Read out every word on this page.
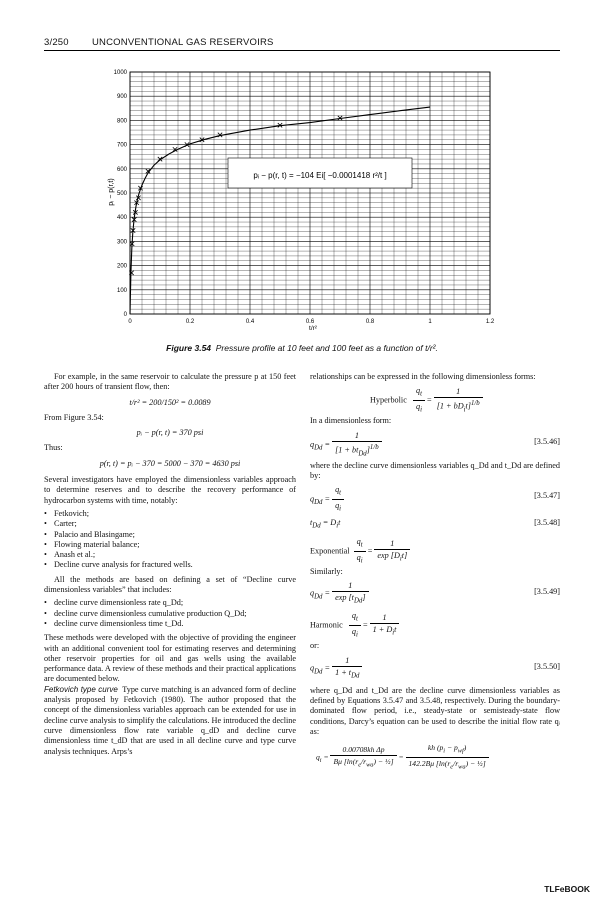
3/250 UNCONVENTIONAL GAS RESERVOIRS
0	0.2	0.4	0.6	0.8	1	1.2
0
100
200
300
400
500
600
700
800
900
1000
pᵢ − p(r,t)
t/r²
pᵢ − p(r, t) = −104 Ei[ −0.0001418 r²/t ]
Figure 3.54 Pressure profile at 10 feet and 100 feet as a function of t/r².
For example, in the same reservoir to calculate the pressure p at 150 feet after 200 hours of transient flow, then:
t/r² = 200/150² = 0.0089
From Figure 3.54:
pᵢ − p(r, t) = 370 psi
Thus:
p(r, t) = pᵢ − 370 = 5000 − 370 = 4630 psi
Several investigators have employed the dimensionless variables approach to determine reserves and to describe the recovery performance of hydrocarbon systems with time, notably:
• Fetkovich;
• Carter;
• Palacio and Blasingame;
• Flowing material balance;
• Anash et al.;
• Decline curve analysis for fractured wells.
All the methods are based on defining a set of “Decline curve dimensionless variables” that includes:
• decline curve dimensionless rate q_Dd;
• decline curve dimensionless cumulative production Q_Dd;
• decline curve dimensionless time t_Dd.
These methods were developed with the objective of providing the engineer with an additional convenient tool for estimating reserves and determining other reservoir properties for oil and gas wells using the available performance data. A review of these methods and their practical applications are documented below.
Fetkovich type curve Type curve matching is an advanced form of decline analysis proposed by Fetkovich (1980). The author proposed that the concept of the dimensionless variables approach can be extended for use in decline curve analysis to simplify the calculations. He introduced the decline curve dimensionless flow rate variable q_dD and decline curve dimensionless time t_dD that are used in all decline curve and type curve analysis techniques. Arps’s
relationships can be expressed in the following dimensionless forms:
Hyperbolic $\frac{q_t}{q_i} = \frac{1}{[1 + bD_it]^{1/b}}$
In a dimensionless form:
$q_{Dd} = \frac{1}{[1 + bt_{Dd}]^{1/b}}$	[3.5.46]
where the decline curve dimensionless variables q_Dd and t_Dd are defined by:
$q_{Dd} = \frac{q_t}{q_i}$	[3.5.47]
$t_{Dd} = D_it$	[3.5.48]
Exponential $\frac{q_t}{q_i} = \frac{1}{\exp [D_it]}$
Similarly:
$q_{Dd} = \frac{1}{\exp [t_{Dd}]}$	[3.5.49]
Harmonic $\frac{q_t}{q_i} = \frac{1}{1 + D_it}$
or:
$q_{Dd} = \frac{1}{1 + t_{Dd}}$	[3.5.50]
where q_Dd and t_Dd are the decline curve dimensionless variables as defined by Equations 3.5.47 and 3.5.48, respectively. During the boundary-dominated flow period, i.e., steady-state or semisteady-state flow conditions, Darcy’s equation can be used to describe the initial flow rate qᵢ as:
$q_i = \frac{\text{0.00708kh Δp}}{B\mu [\ln(r_e/r_{wa}) - \frac{1}{2}]} = \frac{kh (p_i - p_{wf})}{142.2B\mu [\ln(r_e/r_{wa}) - \frac{1}{2}]}$
TLFeBOOK
